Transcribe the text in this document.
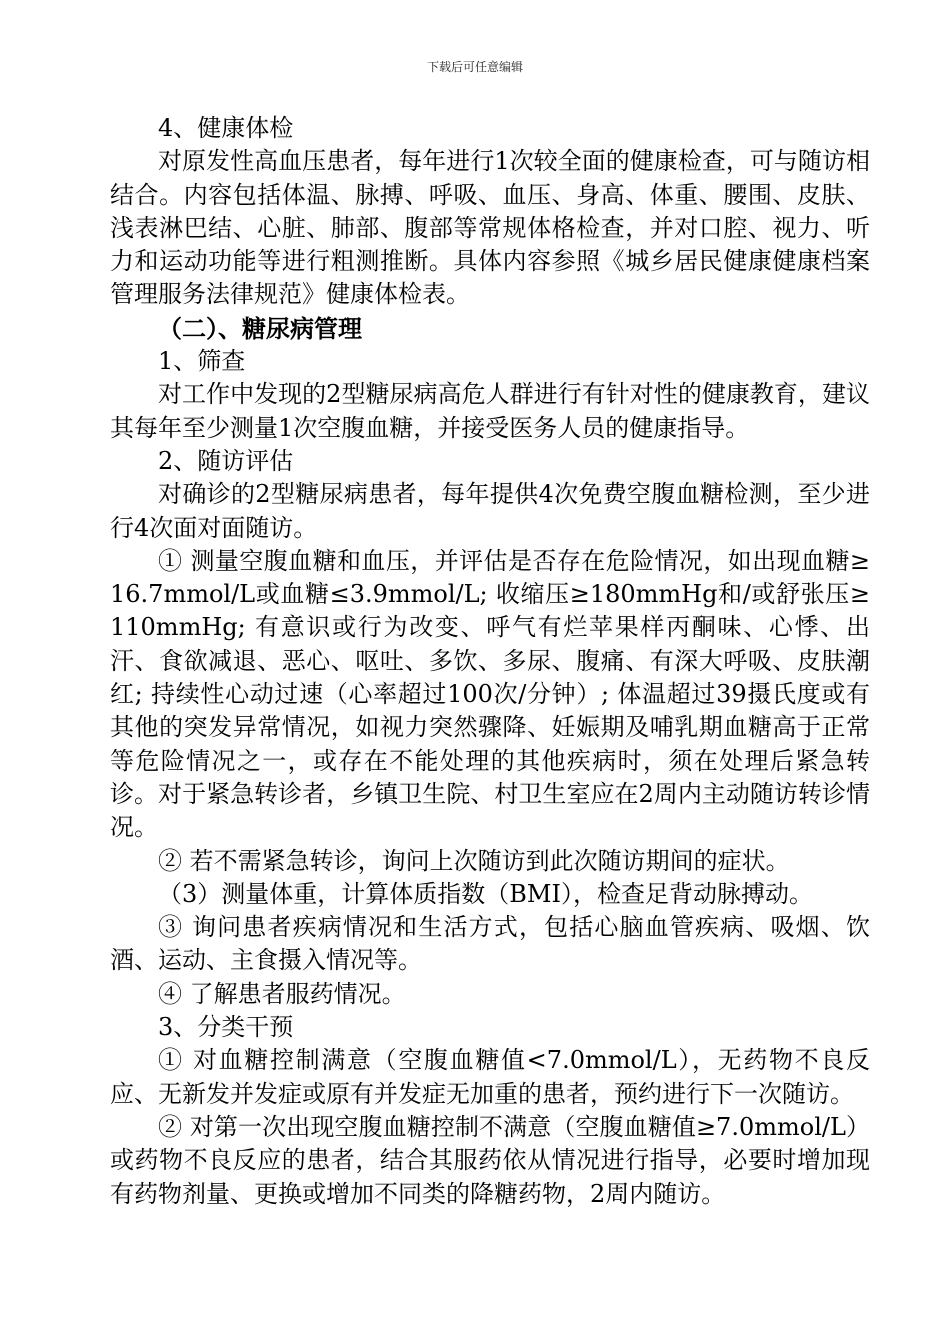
下载后可任意编辑

4、健康体检

对原发性高血压患者，每年进行1次较全面的健康检查，可与随访相结合。内容包括体温、脉搏、呼吸、血压、身高、体重、腰围、皮肤、浅表淋巴结、心脏、肺部、腹部等常规体格检查，并对口腔、视力、听力和运动功能等进行粗测推断。具体内容参照《城乡居民健康健康档案管理服务法律规范》健康体检表。

（二）、糖尿病管理

1、筛查

对工作中发现的2型糖尿病高危人群进行有针对性的健康教育，建议其每年至少测量1次空腹血糖，并接受医务人员的健康指导。

2、随访评估

对确诊的2型糖尿病患者，每年提供4次免费空腹血糖检测，至少进行4次面对面随访。

① 测量空腹血糖和血压，并评估是否存在危险情况，如出现血糖≥16.7mmol/L或血糖≤3.9mmol/L; 收缩压≥180mmHg和/或舒张压≥110mmHg; 有意识或行为改变、呼气有烂苹果样丙酮味、心悸、出汗、食欲减退、恶心、呕吐、多饮、多尿、腹痛、有深大呼吸、皮肤潮红; 持续性心动过速（心率超过100次/分钟）; 体温超过39摄氏度或有其他的突发异常情况，如视力突然骤降、妊娠期及哺乳期血糖高于正常等危险情况之一，或存在不能处理的其他疾病时，须在处理后紧急转诊。对于紧急转诊者，乡镇卫生院、村卫生室应在2周内主动随访转诊情况。

② 若不需紧急转诊，询问上次随访到此次随访期间的症状。

（3）测量体重，计算体质指数（BMI），检查足背动脉搏动。

③ 询问患者疾病情况和生活方式，包括心脑血管疾病、吸烟、饮酒、运动、主食摄入情况等。

④ 了解患者服药情况。

3、分类干预

① 对血糖控制满意（空腹血糖值<7.0mmol/L），无药物不良反应、无新发并发症或原有并发症无加重的患者，预约进行下一次随访。

② 对第一次出现空腹血糖控制不满意（空腹血糖值≥7.0mmol/L）或药物不良反应的患者，结合其服药依从情况进行指导，必要时增加现有药物剂量、更换或增加不同类的降糖药物，2周内随访。
